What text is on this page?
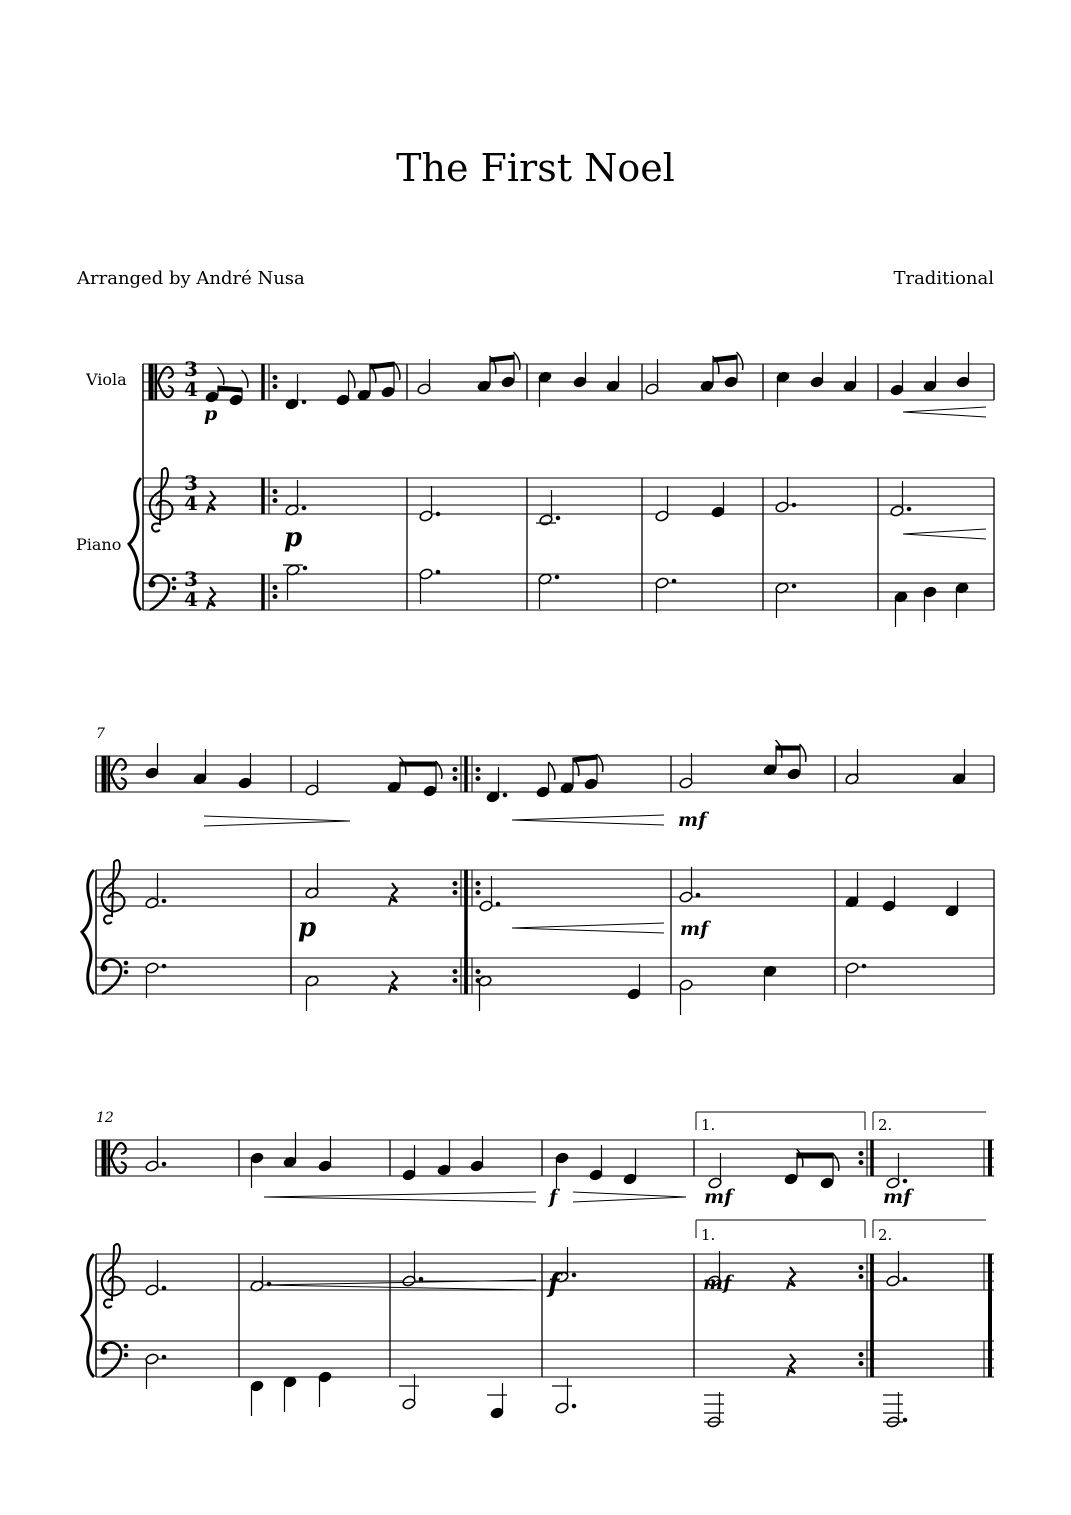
The First Noel
Arranged by André Nusa	Traditional
Viola
Piano
7
12
3
4
3
4
3
4
p
p
mf
p	mf
f	mf	mf
f	mf
1.	2.
1.	2.
